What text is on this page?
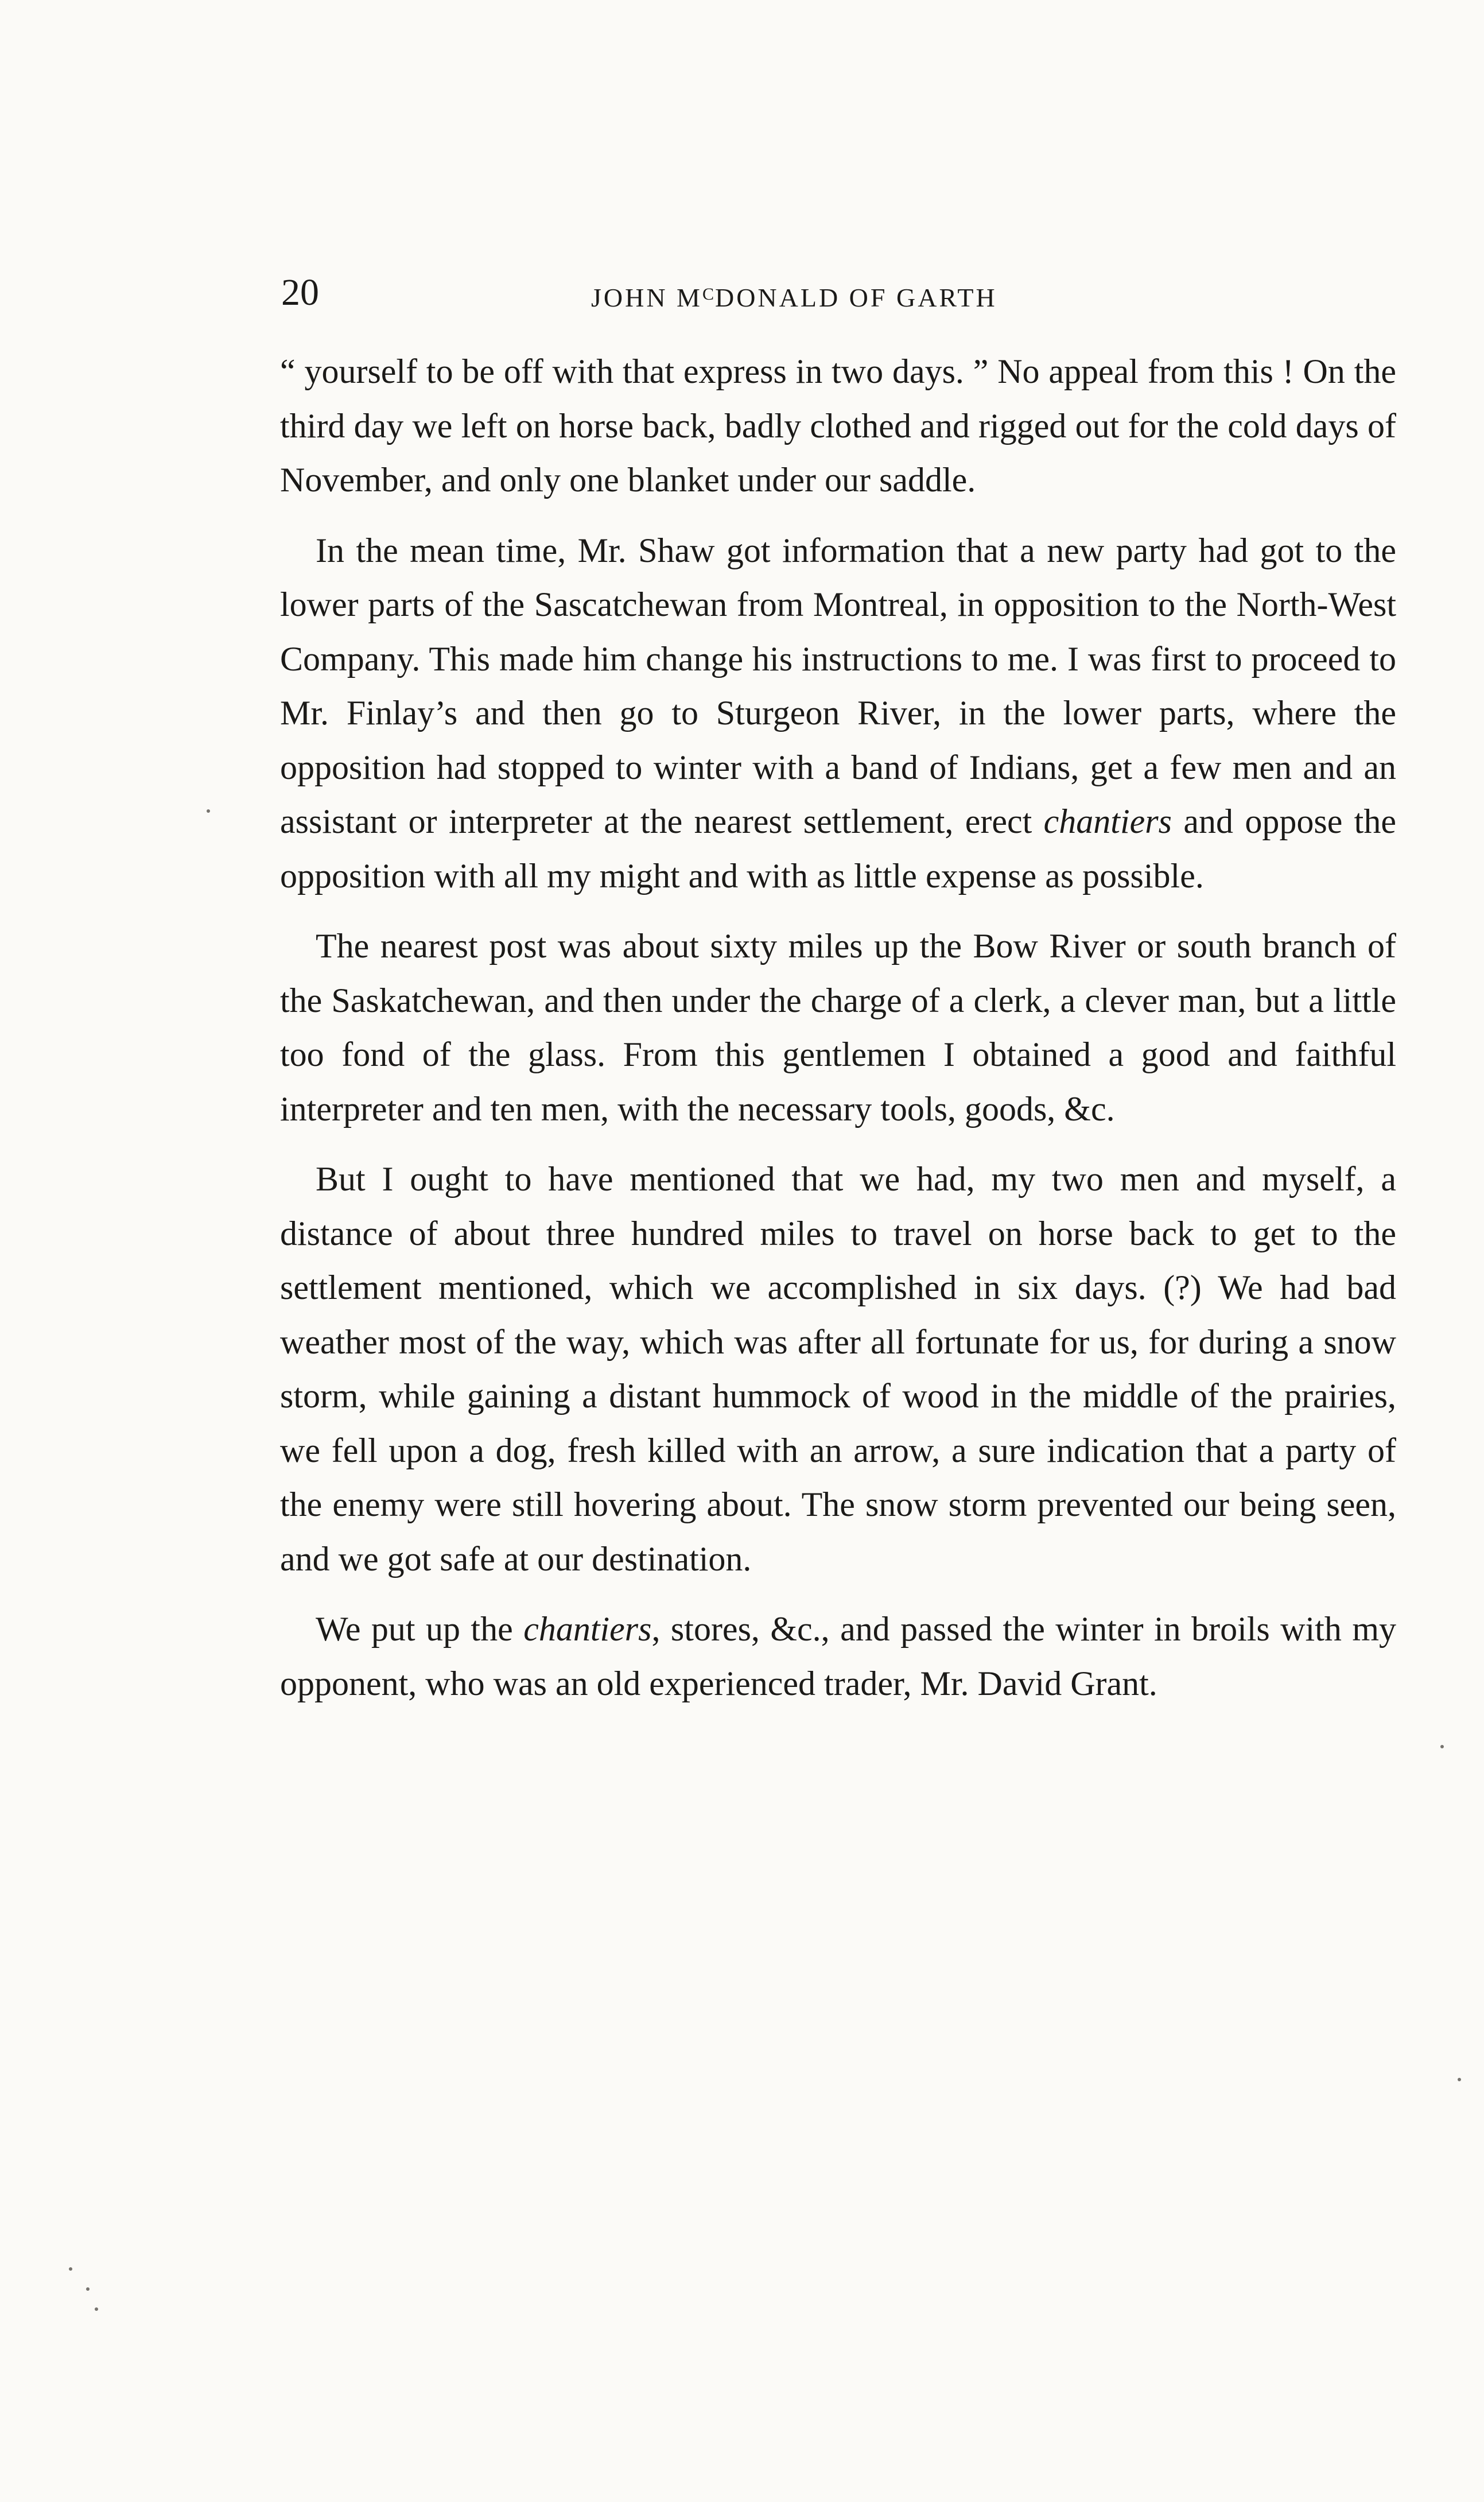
20	JOHN $M^CDONALD$ OF GARTH

“ yourself to be off with that express in two days. ” No appeal from this ! On the third day we left on horse back, badly clothed and rigged out for the cold days of November, and only one blanket under our saddle.

In the mean time, Mr. Shaw got information that a new party had got to the lower parts of the Sascatchewan from Montreal, in opposition to the North-West Company. This made him change his instructions to me. I was first to proceed to Mr. Finlay’s and then go to Sturgeon River, in the lower parts, where the opposition had stopped to winter with a band of Indians, get a few men and an assistant or interpreter at the nearest settlement, erect chantiers and oppose the opposition with all my might and with as little expense as possible.

The nearest post was about sixty miles up the Bow River or south branch of the Saskatchewan, and then under the charge of a clerk, a clever man, but a little too fond of the glass. From this gentlemen I obtained a good and faithful interpreter and ten men, with the necessary tools, goods, &c.

But I ought to have mentioned that we had, my two men and myself, a distance of about three hundred miles to travel on horse back to get to the settlement mentioned, which we accomplished in six days. (?) We had bad weather most of the way, which was after all fortunate for us, for during a snow storm, while gaining a distant hummock of wood in the middle of the prairies, we fell upon a dog, fresh killed with an arrow, a sure indication that a party of the enemy were still hovering about. The snow storm prevented our being seen, and we got safe at our destination.

We put up the chantiers, stores, &c., and passed the winter in broils with my opponent, who was an old experienced trader, Mr. David Grant.
